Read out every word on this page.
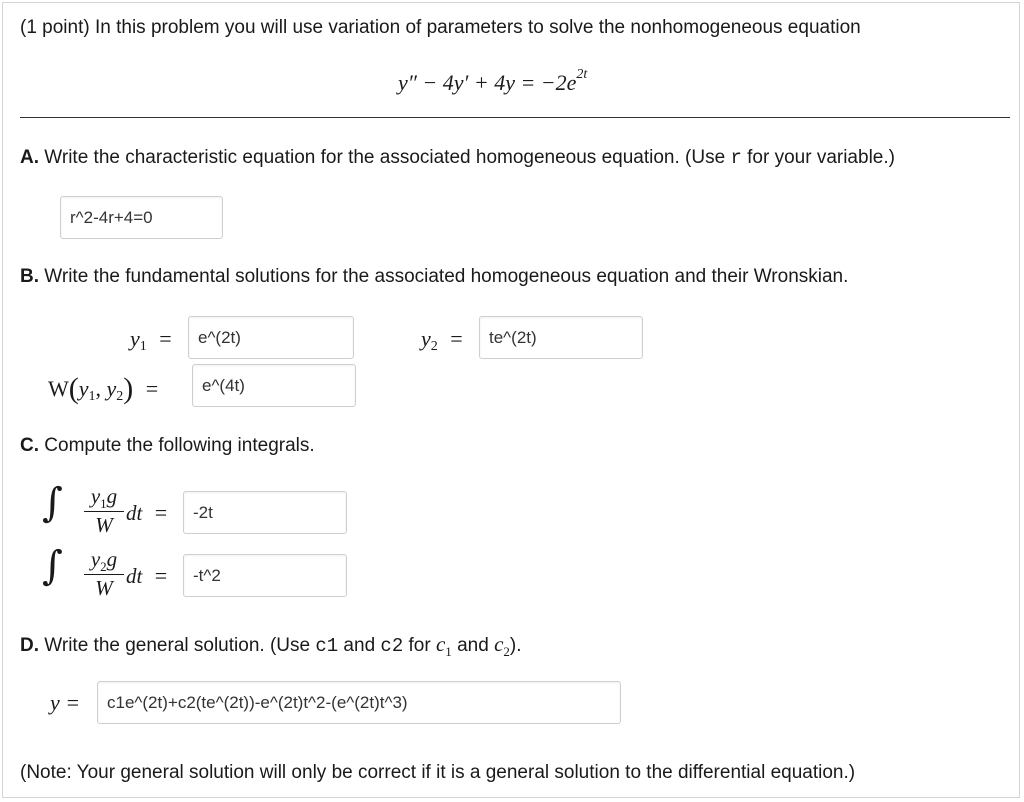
(1 point) In this problem you will use variation of parameters to solve the nonhomogeneous equation
$y'' - 4y' + 4y = -2e^{2t}$
A. Write the characteristic equation for the associated homogeneous equation. (Use r for your variable.)
r^2-4r+4=0
B. Write the fundamental solutions for the associated homogeneous equation and their Wronskian.
$y_1$ =	e^(2t)	$y_2$ =	te^(2t)
$W(y_1$, $y_2$) =	e^(4t)
C. Compute the following integrals.
∫	$y_1g$
W dt =	-2t
∫	$y_2g$
W dt =	-t^2
D. Write the general solution. (Use c1 and c2 for $c_1$ and $c_2$).
y =	c1e^(2t)+c2(te^(2t))-e^(2t)t^2-(e^(2t)t^3)
(Note: Your general solution will only be correct if it is a general solution to the differential equation.)
